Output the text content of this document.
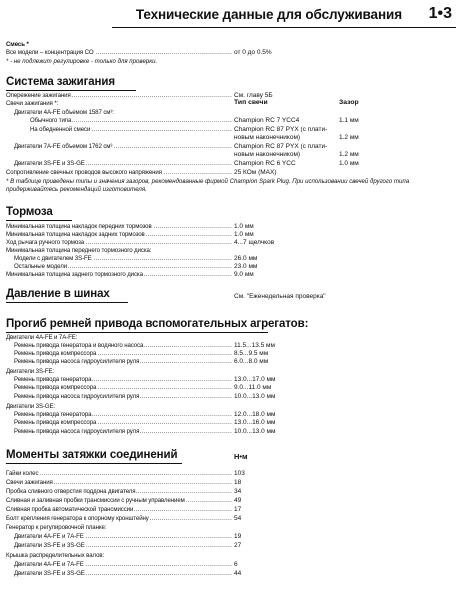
Технические данные для обслуживания 1•3
Смесь *
Все модели – концентрация CO .....	от 0 до 0.5%
* - не подлежит регулировке - только для проверки.
Система зажигания
Опережение зажигания .....	См. главу 5Б
Свечи зажигания *:	Тип свечи	Зазор
Двигатели 4А-FE объемом 1587 см³:
Обычного типа .....	Champion RC 7 YCC4	1.1 мм
На обедненной смеси .....	Champion RC 87 PYX (с плати-
новым наконечником)	1.2 мм
Двигатели 7А-FE объемом 1762 см³ .....	Champion RC 87 PYX (с плати-
новым наконечником)	1.2 мм
Двигатели 3S-FE и 3S-GE .....	Champion RC 6 YCC	1.0 мм
Сопротивление свечных проводов высокого напряжения .....	25 КОм (MAX)
* В таблице приведены типы и значения зазоров, рекомендованные фирмой Champion Spark Plug. При использовании свечей другого типа
придерживайтесь рекомендаций изготовителя.
Тормоза
Минимальная толщина накладок передних тормозов .....	1.0 мм
Минимальная толщина накладок задних тормозов .....	1.0 мм
Ход рычага ручного тормоза .....	4...7 щелчков
Минимальная толщина переднего тормозного диска:
Модели с двигателем 3S-FE .....	26.0 мм
Остальные модели .....	23.0 мм
Минимальная толщина заднего тормозного диска .....	9.0 мм
Давление в шинах	См. "Еженедельная проверка"
Прогиб ремней привода вспомогательных агрегатов:
Двигатели 4А-FE и 7А-FE:
Ремень привода генератора и водяного насоса .....	11.5...13.5 мм
Ремень привода компрессора .....	8.5...9.5 мм
Ремень привода насоса гидроусилителя руля .....	6.0...8.0 мм
Двигатели 3S-FE:
Ремень привода генератора .....	13.0...17.0 мм
Ремень привода компрессора .....	9.0...11.0 мм
Ремень привода насоса гидроусилителя руля .....	10.0...13.0 мм
Двигатели 3S-GE:
Ремень привода генератора .....	12.0...18.0 мм
Ремень привода компрессора .....	13.0...16.0 мм
Ремень привода насоса гидроусилителя руля .....	10.0...13.0 мм
Моменты затяжки соединений	Н•м
Гайки колес .....	103
Свечи зажигания .....	18
Пробка сливного отверстия поддона двигателя .....	34
Сливная и заливная пробки трансмиссии с ручным управлением .....	49
Сливная пробка автоматической трансмиссии .....	17
Болт крепления генератора к опорному кронштейну .....	54
Генератор к регулировочной планке:
Двигатели 4А-FE и 7А-FE .....	19
Двигатели 3S-FE и 3S-GE .....	27
Крышка распределительных валов:
Двигатели 4А-FE и 7А-FE .....	6
Двигатели 3S-FE и 3S-GE .....	44
